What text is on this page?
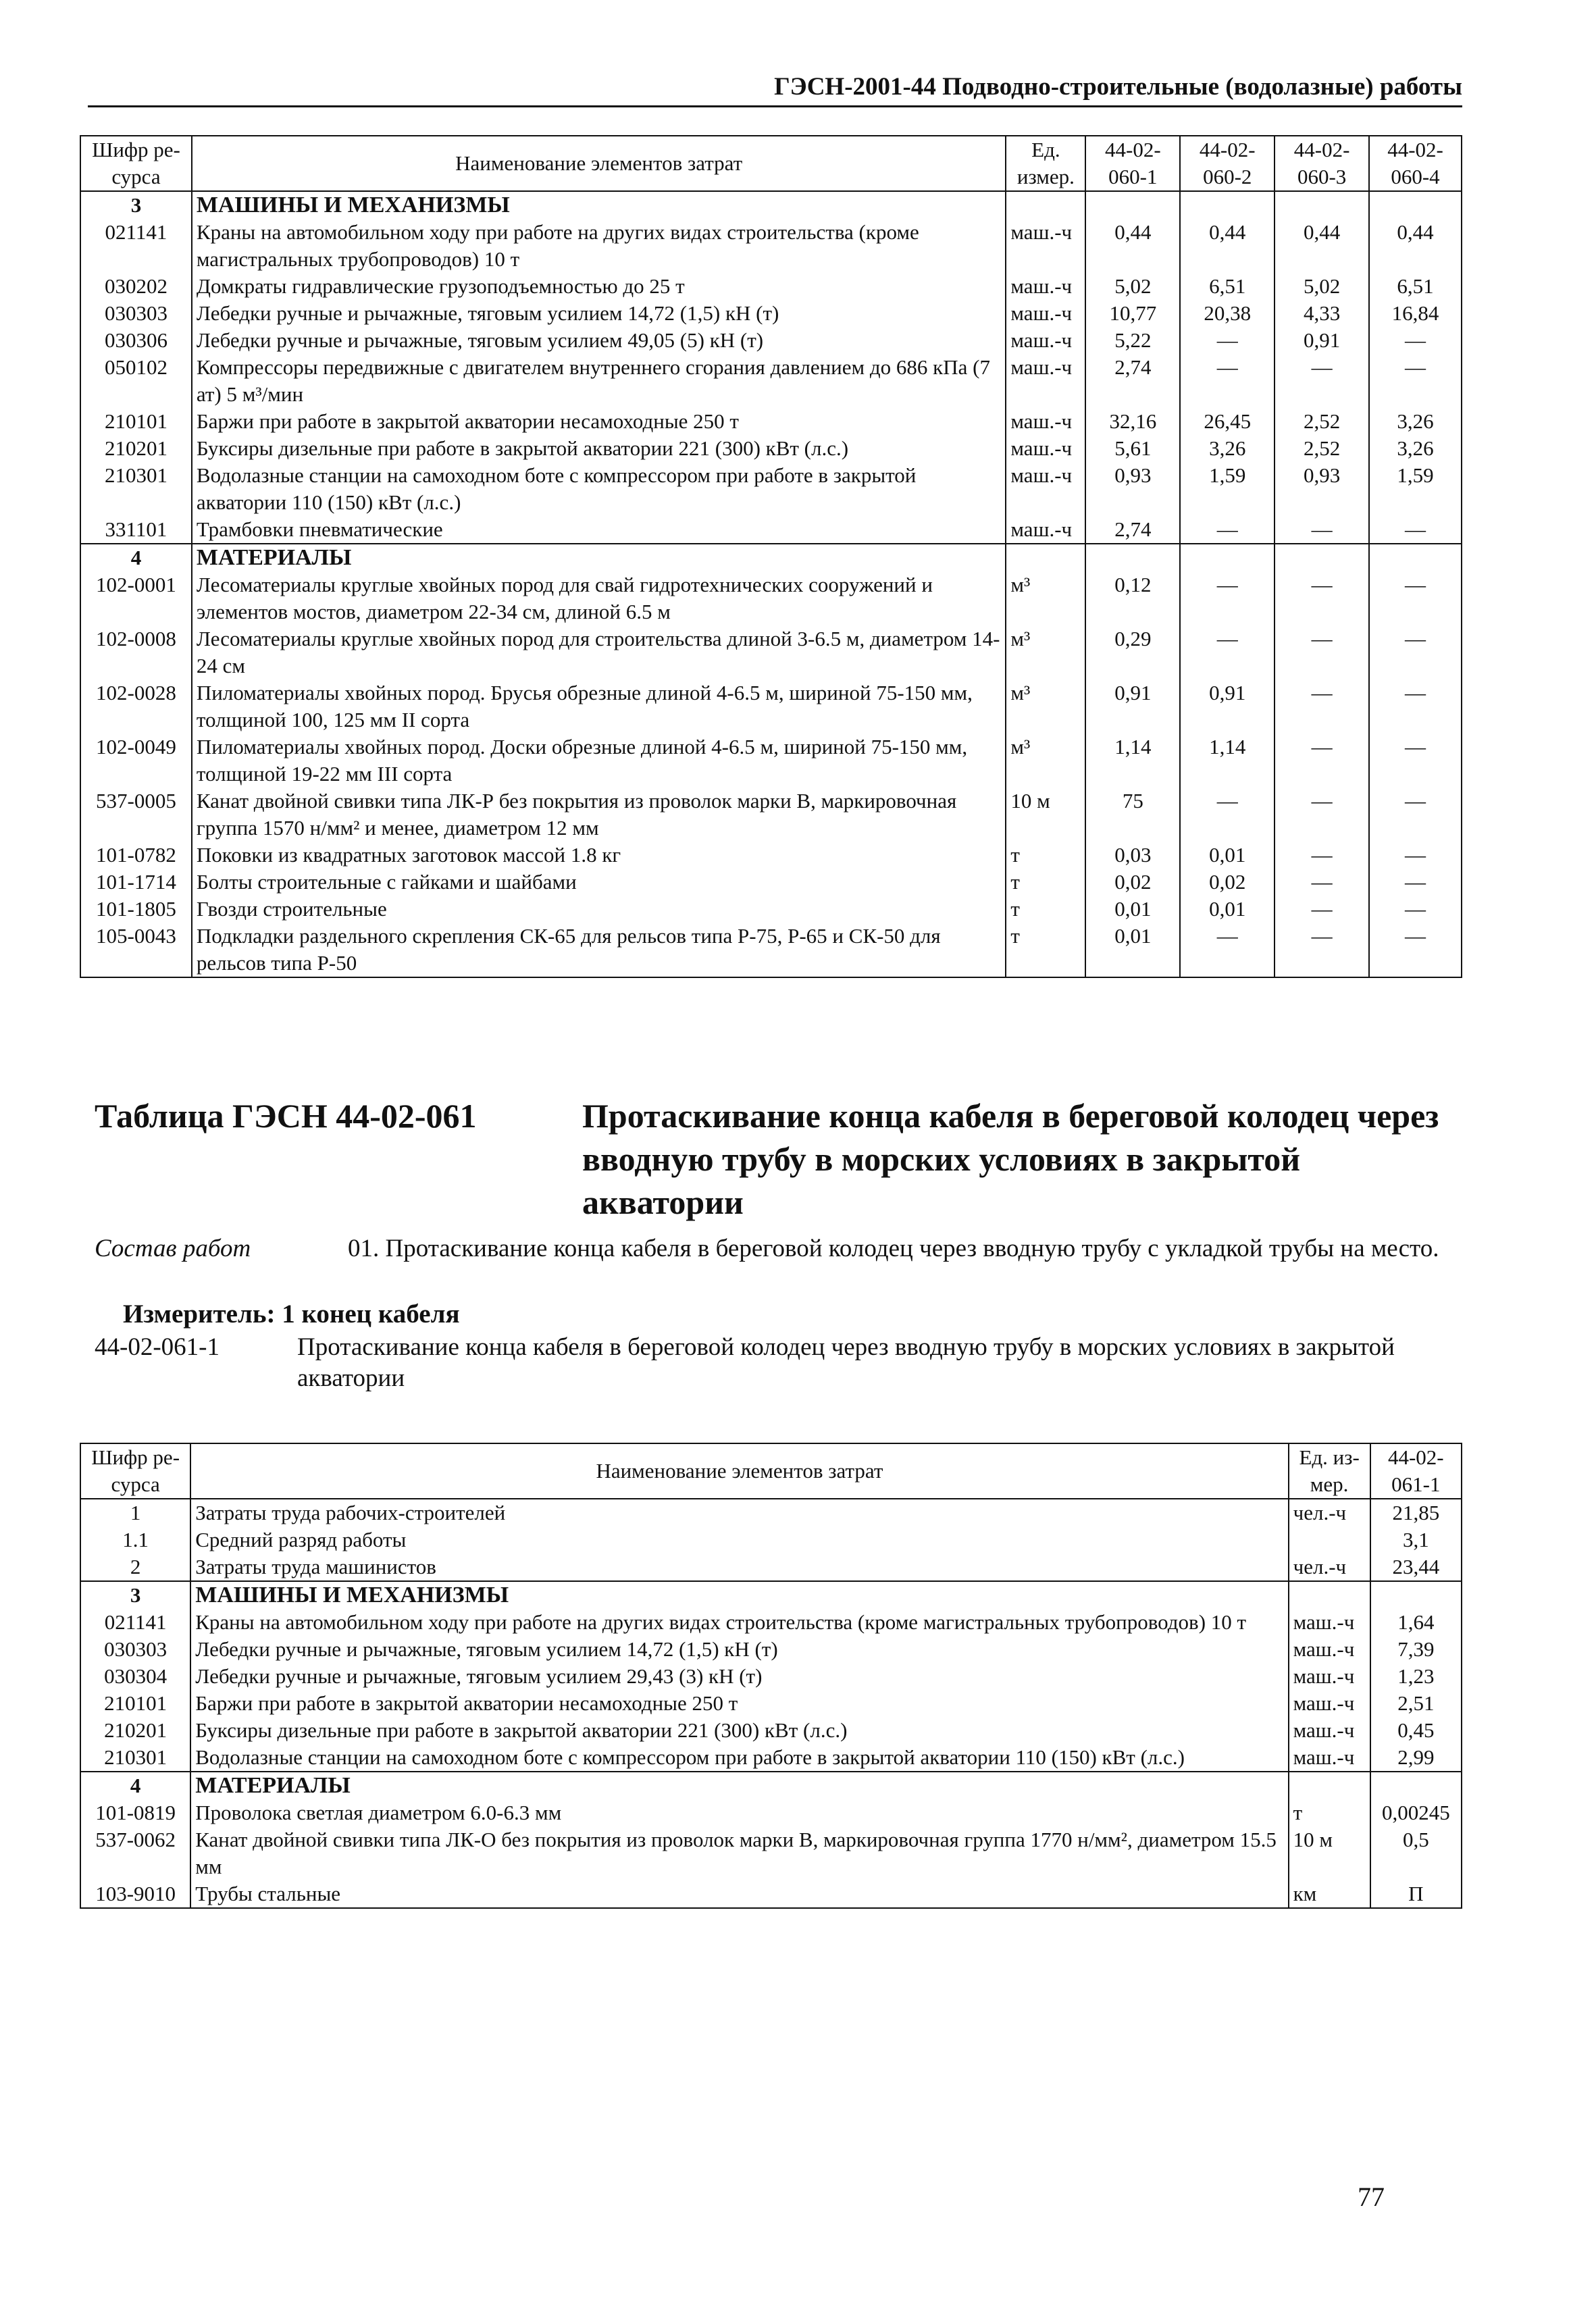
ГЭСН-2001-44 Подводно-строительные (водолазные) работы
Шифр ре-сурса	Наименование элементов затрат	Ед. измер.	44-02-060-1	44-02-060-2	44-02-060-3	44-02-060-4
3	МАШИНЫ И МЕХАНИЗМЫ					
021141	Краны на автомобильном ходу при работе на других видах строительства (кроме магистральных трубопроводов) 10 т	маш.-ч	0,44	0,44	0,44	0,44
030202	Домкраты гидравлические грузоподъемностью до 25 т	маш.-ч	5,02	6,51	5,02	6,51
030303	Лебедки ручные и рычажные, тяговым усилием 14,72 (1,5) кН (т)	маш.-ч	10,77	20,38	4,33	16,84
030306	Лебедки ручные и рычажные, тяговым усилием 49,05 (5) кН (т)	маш.-ч	5,22	—	0,91	—
050102	Компрессоры передвижные с двигателем внутреннего сгорания давлением до 686 кПа (7 ат) 5 м³/мин	маш.-ч	2,74	—	—	—
210101	Баржи при работе в закрытой акватории несамоходные 250 т	маш.-ч	32,16	26,45	2,52	3,26
210201	Буксиры дизельные при работе в закрытой акватории 221 (300) кВт (л.с.)	маш.-ч	5,61	3,26	2,52	3,26
210301	Водолазные станции на самоходном боте с компрессором при работе в закрытой акватории 110 (150) кВт (л.с.)	маш.-ч	0,93	1,59	0,93	1,59
331101	Трамбовки пневматические	маш.-ч	2,74	—	—	—
4	МАТЕРИАЛЫ					
102-0001	Лесоматериалы круглые хвойных пород для свай гидротехнических сооружений и элементов мостов, диаметром 22-34 см, длиной 6.5 м	м³	0,12	—	—	—
102-0008	Лесоматериалы круглые хвойных пород для строительства длиной 3-6.5 м, диаметром 14-24 см	м³	0,29	—	—	—
102-0028	Пиломатериалы хвойных пород. Брусья обрезные длиной 4-6.5 м, шириной 75-150 мм, толщиной 100, 125 мм II сорта	м³	0,91	0,91	—	—
102-0049	Пиломатериалы хвойных пород. Доски обрезные длиной 4-6.5 м, шириной 75-150 мм, толщиной 19-22 мм III сорта	м³	1,14	1,14	—	—
537-0005	Канат двойной свивки типа ЛК-Р без покрытия из проволок марки В, маркировочная группа 1570 н/мм² и менее, диаметром 12 мм	10 м	75	—	—	—
101-0782	Поковки из квадратных заготовок массой 1.8 кг	т	0,03	0,01	—	—
101-1714	Болты строительные с гайками и шайбами	т	0,02	0,02	—	—
101-1805	Гвозди строительные	т	0,01	0,01	—	—
105-0043	Подкладки раздельного скрепления СК-65 для рельсов типа Р-75, Р-65 и СК-50 для рельсов типа Р-50	т	0,01	—	—	—
Таблица ГЭСН 44-02-061	Протаскивание конца кабеля в береговой колодец через вводную трубу в морских условиях в закрытой акватории
Состав работ	01. Протаскивание конца кабеля в береговой колодец через вводную трубу с укладкой трубы на место.
Измеритель: 1 конец кабеля
44-02-061-1	Протаскивание конца кабеля в береговой колодец через вводную трубу в морских условиях в закрытой акватории
Шифр ре-сурса	Наименование элементов затрат	Ед. из-мер.	44-02-061-1
1	Затраты труда рабочих-строителей	чел.-ч	21,85
1.1	Средний разряд работы		3,1
2	Затраты труда машинистов	чел.-ч	23,44
3	МАШИНЫ И МЕХАНИЗМЫ		
021141	Краны на автомобильном ходу при работе на других видах строительства (кроме магистральных трубопроводов) 10 т	маш.-ч	1,64
030303	Лебедки ручные и рычажные, тяговым усилием 14,72 (1,5) кН (т)	маш.-ч	7,39
030304	Лебедки ручные и рычажные, тяговым усилием 29,43 (3) кН (т)	маш.-ч	1,23
210101	Баржи при работе в закрытой акватории несамоходные 250 т	маш.-ч	2,51
210201	Буксиры дизельные при работе в закрытой акватории 221 (300) кВт (л.с.)	маш.-ч	0,45
210301	Водолазные станции на самоходном боте с компрессором при работе в закрытой акватории 110 (150) кВт (л.с.)	маш.-ч	2,99
4	МАТЕРИАЛЫ		
101-0819	Проволока светлая диаметром 6.0-6.3 мм	т	0,00245
537-0062	Канат двойной свивки типа ЛК-О без покрытия из проволок марки В, маркировочная группа 1770 н/мм², диаметром 15.5 мм	10 м	0,5
103-9010	Трубы стальные	км	П
77
